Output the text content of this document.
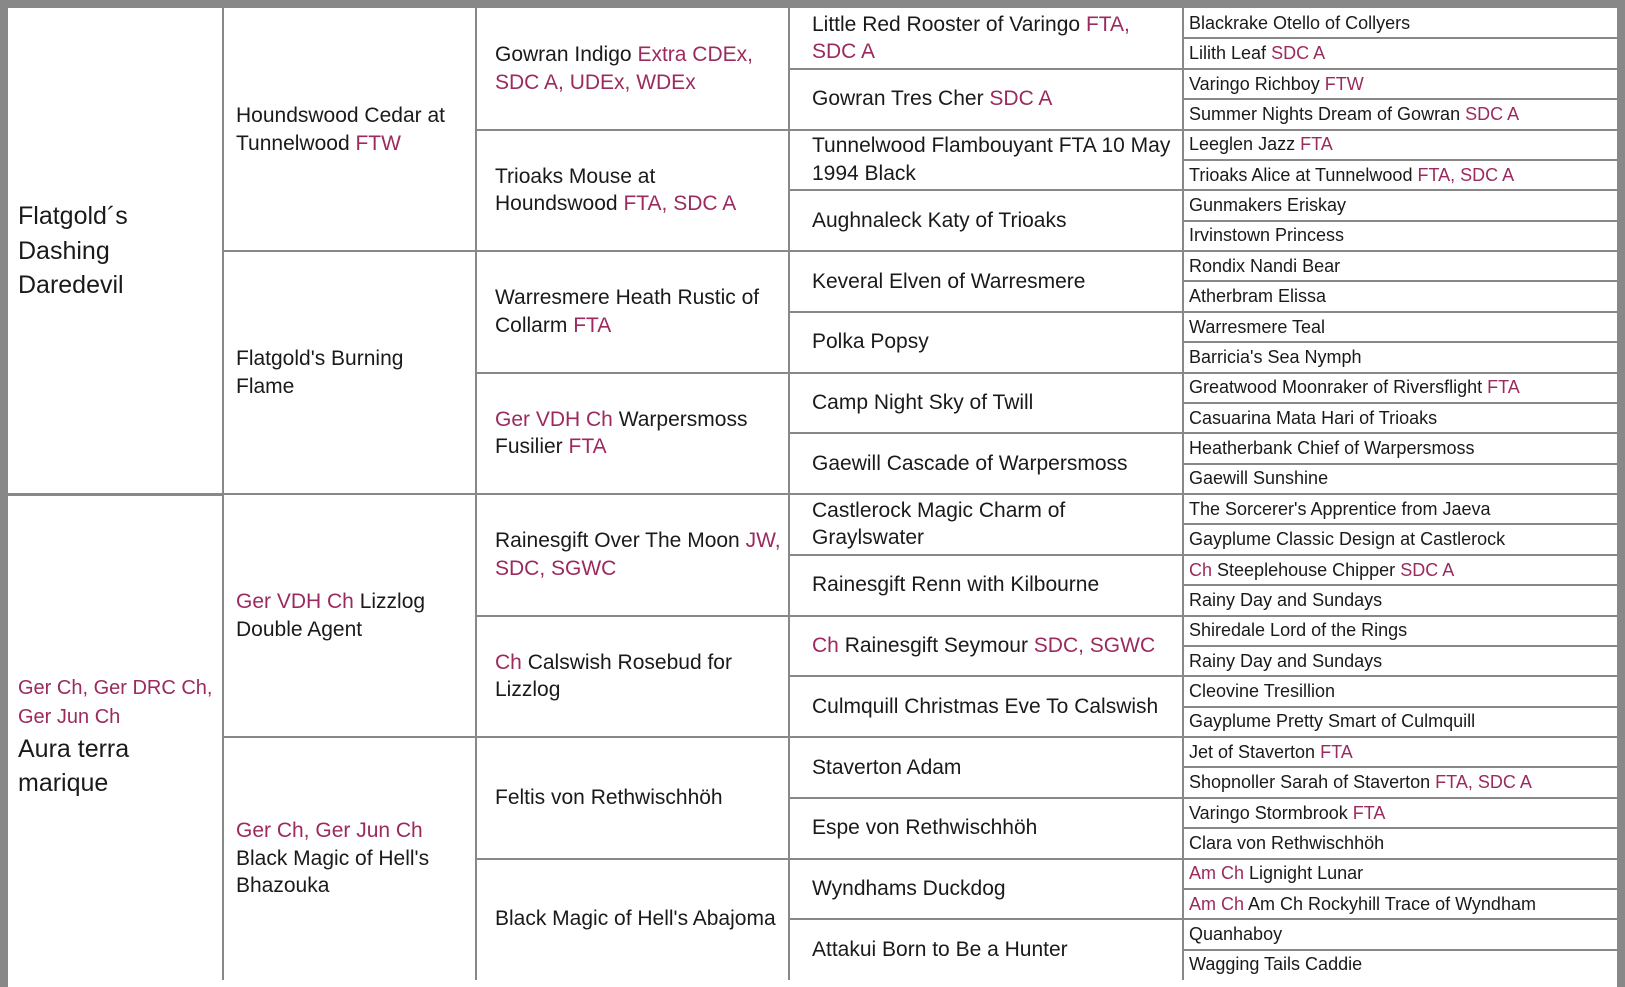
Flatgold´s Dashing Daredevil
Ger Ch, Ger DRC Ch, Ger Jun Ch
Aura terra marique
Houndswood Cedar at Tunnelwood FTW
Flatgold's Burning Flame
Ger VDH Ch Lizzlog Double Agent
Ger Ch, Ger Jun Ch Black Magic of Hell's Bhazouka
Gowran Indigo Extra CDEx, SDC A, UDEx, WDEx
Trioaks Mouse at Houndswood FTA, SDC A
Warresmere Heath Rustic of Collarm FTA
Ger VDH Ch Warpersmoss Fusilier FTA
Rainesgift Over The Moon JW, SDC, SGWC
Ch Calswish Rosebud for Lizzlog
Feltis von Rethwischhöh
Black Magic of Hell's Abajoma
Little Red Rooster of Varingo FTA, SDC A
Gowran Tres Cher SDC A
Tunnelwood Flambouyant FTA 10 May 1994 Black
Aughnaleck Katy of Trioaks
Keveral Elven of Warresmere
Polka Popsy
Camp Night Sky of Twill
Gaewill Cascade of Warpersmoss
Castlerock Magic Charm of Graylswater
Rainesgift Renn with Kilbourne
Ch Rainesgift Seymour SDC, SGWC
Culmquill Christmas Eve To Calswish
Staverton Adam
Espe von Rethwischhöh
Wyndhams Duckdog
Attakui Born to Be a Hunter
Blackrake Otello of Collyers
Lilith Leaf SDC A
Varingo Richboy FTW
Summer Nights Dream of Gowran SDC A
Leeglen Jazz FTA
Trioaks Alice at Tunnelwood FTA, SDC A
Gunmakers Eriskay
Irvinstown Princess
Rondix Nandi Bear
Atherbram Elissa
Warresmere Teal
Barricia's Sea Nymph
Greatwood Moonraker of Riversflight FTA
Casuarina Mata Hari of Trioaks
Heatherbank Chief of Warpersmoss
Gaewill Sunshine
The Sorcerer's Apprentice from Jaeva
Gayplume Classic Design at Castlerock
Ch Steeplehouse Chipper SDC A
Rainy Day and Sundays
Shiredale Lord of the Rings
Rainy Day and Sundays
Cleovine Tresillion
Gayplume Pretty Smart of Culmquill
Jet of Staverton FTA
Shopnoller Sarah of Staverton FTA, SDC A
Varingo Stormbrook FTA
Clara von Rethwischhöh
Am Ch Lignight Lunar
Am Ch Am Ch Rockyhill Trace of Wyndham
Quanhaboy
Wagging Tails Caddie
